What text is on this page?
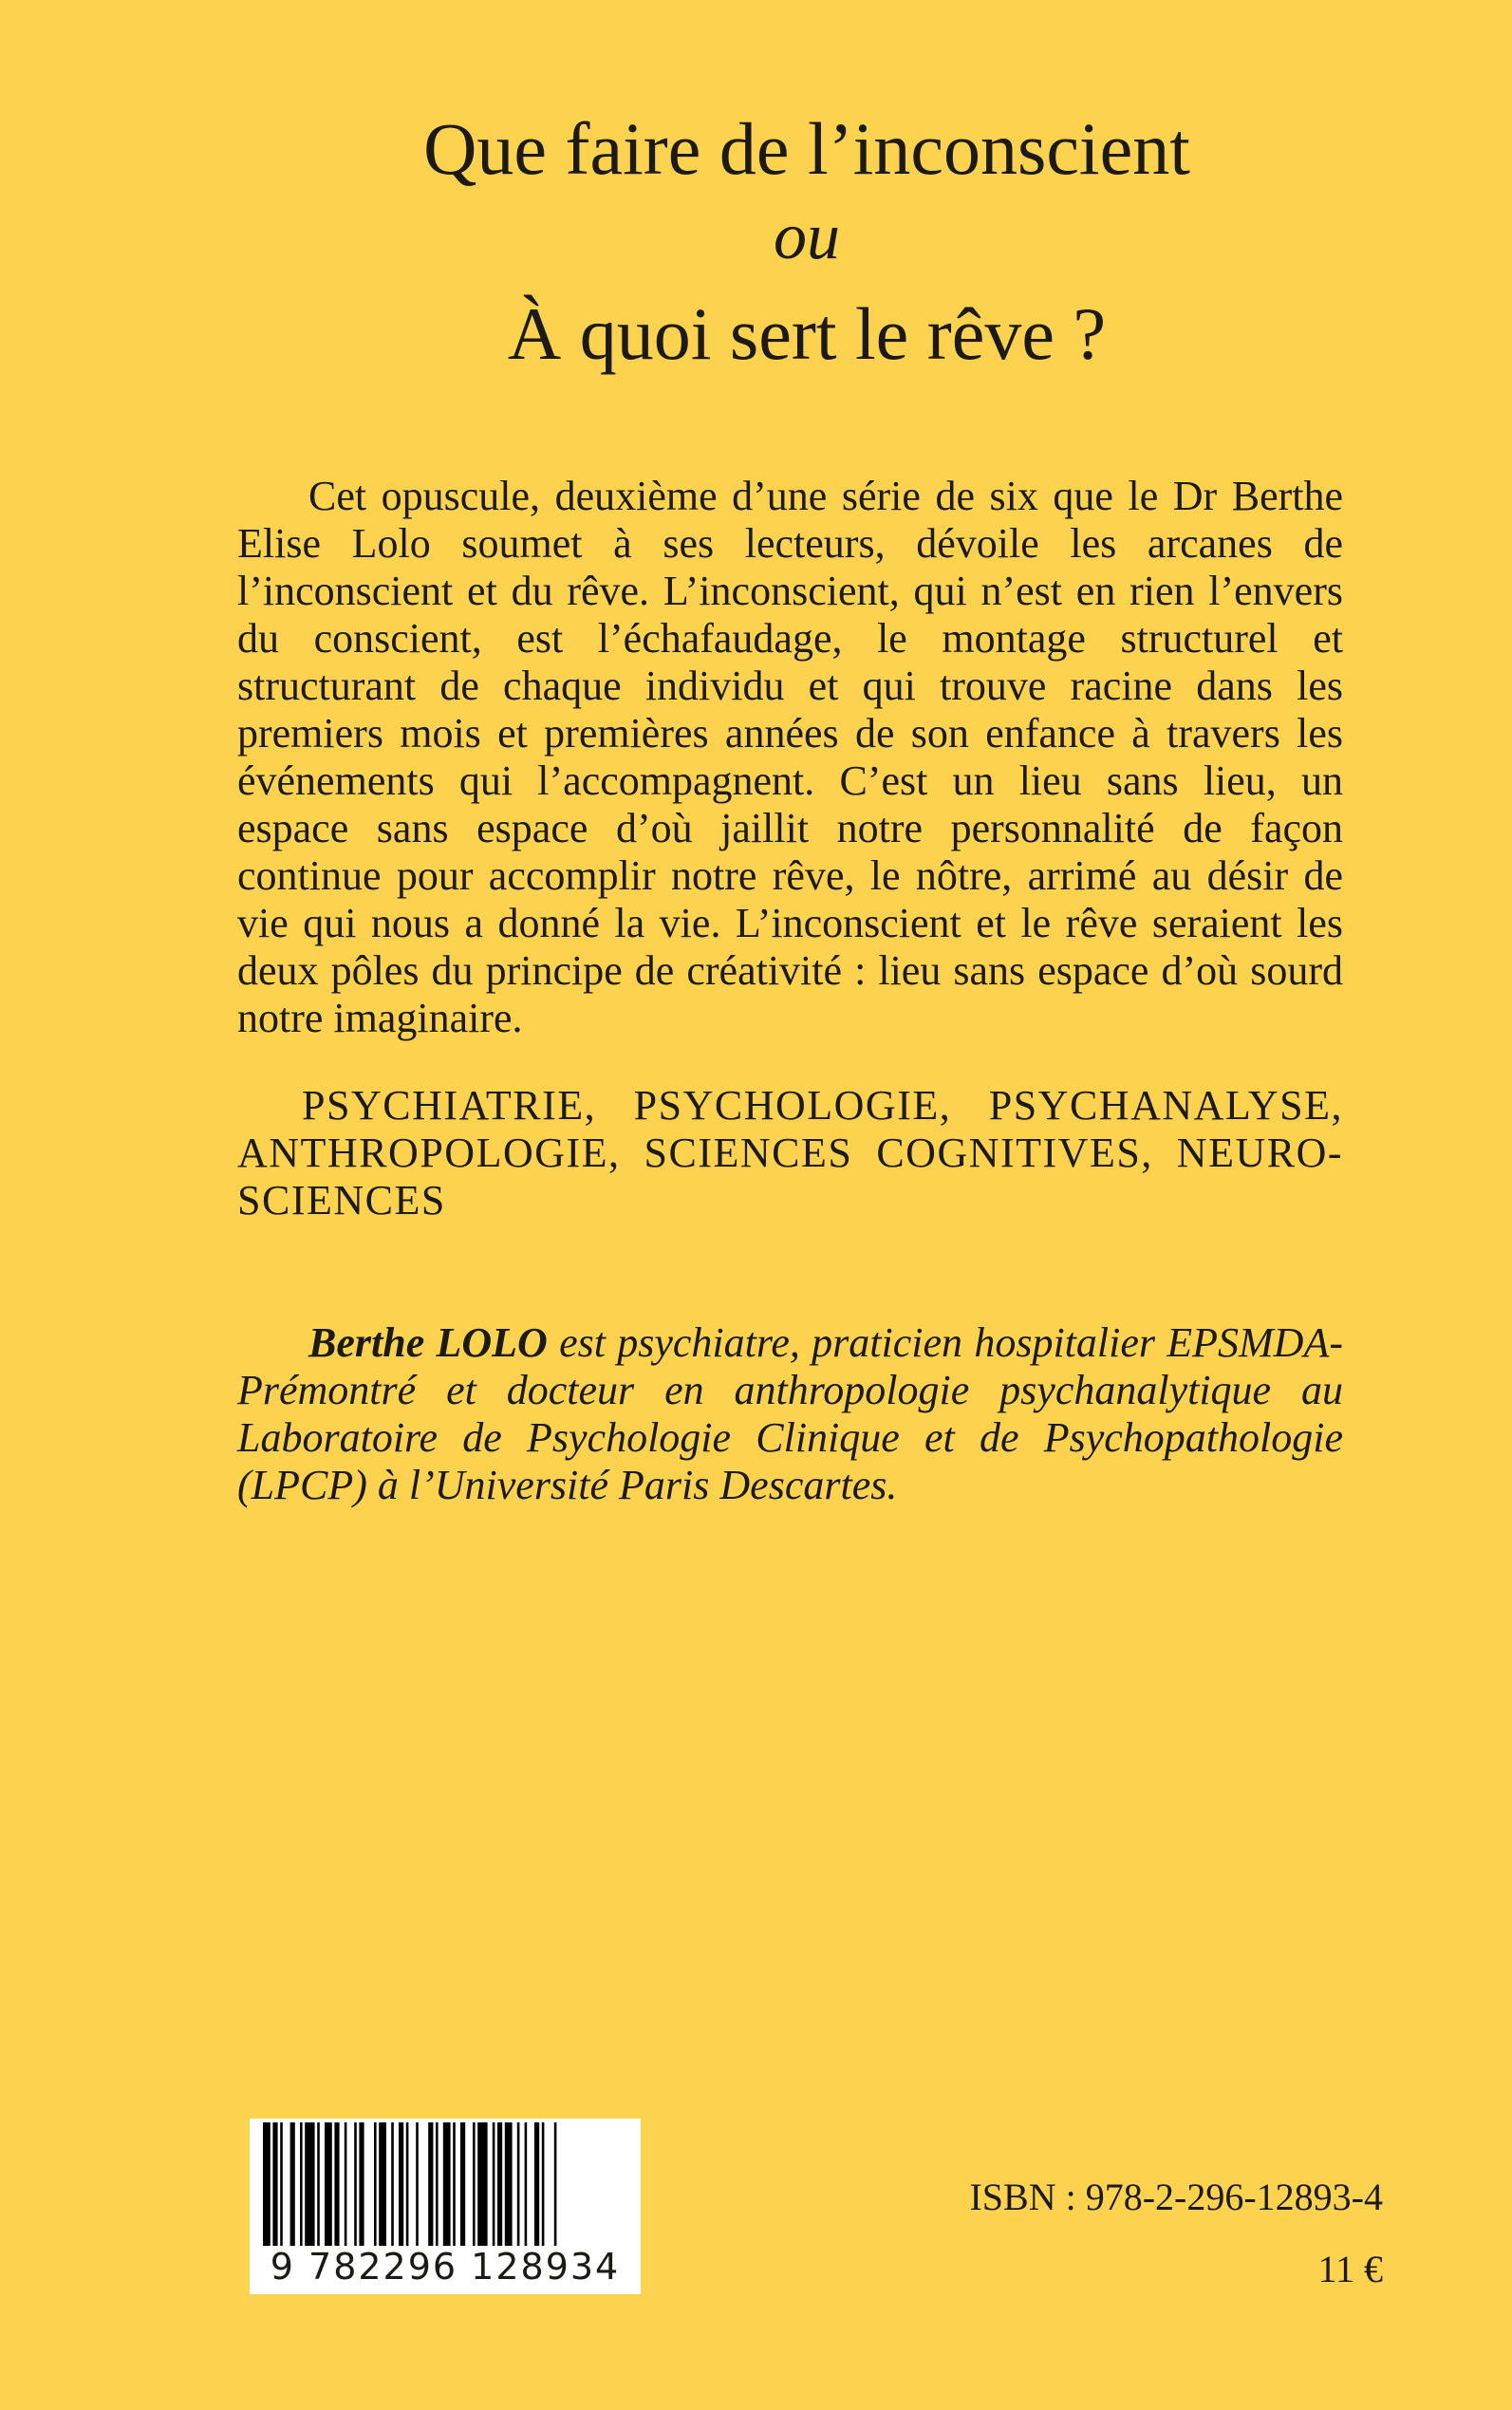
Que faire de l’inconscient
ou
À quoi sert le rêve ?

Cet opuscule, deuxième d’une série de six que le Dr Berthe Elise Lolo soumet à ses lecteurs, dévoile les arcanes de l’inconscient et du rêve. L’inconscient, qui n’est en rien l’envers du conscient, est l’échafaudage, le montage structurel et structurant de chaque individu et qui trouve racine dans les premiers mois et premières années de son enfance à travers les événements qui l’accompagnent. C’est un lieu sans lieu, un espace sans espace d’où jaillit notre personnalité de façon continue pour accomplir notre rêve, le nôtre, arrimé au désir de vie qui nous a donné la vie. L’inconscient et le rêve seraient les deux pôles du principe de créativité : lieu sans espace d’où sourd notre imaginaire.

PSYCHIATRIE, PSYCHOLOGIE, PSYCHANALYSE, ANTHROPOLOGIE, SCIENCES COGNITIVES, NEURO-SCIENCES

Berthe LOLO est psychiatre, praticien hospitalier EPSMDA-Prémontré et docteur en anthropologie psychanalytique au Laboratoire de Psychologie Clinique et de Psychopathologie (LPCP) à l’Université Paris Descartes.

9 782296 128934
ISBN : 978-2-296-12893-4
11 €
